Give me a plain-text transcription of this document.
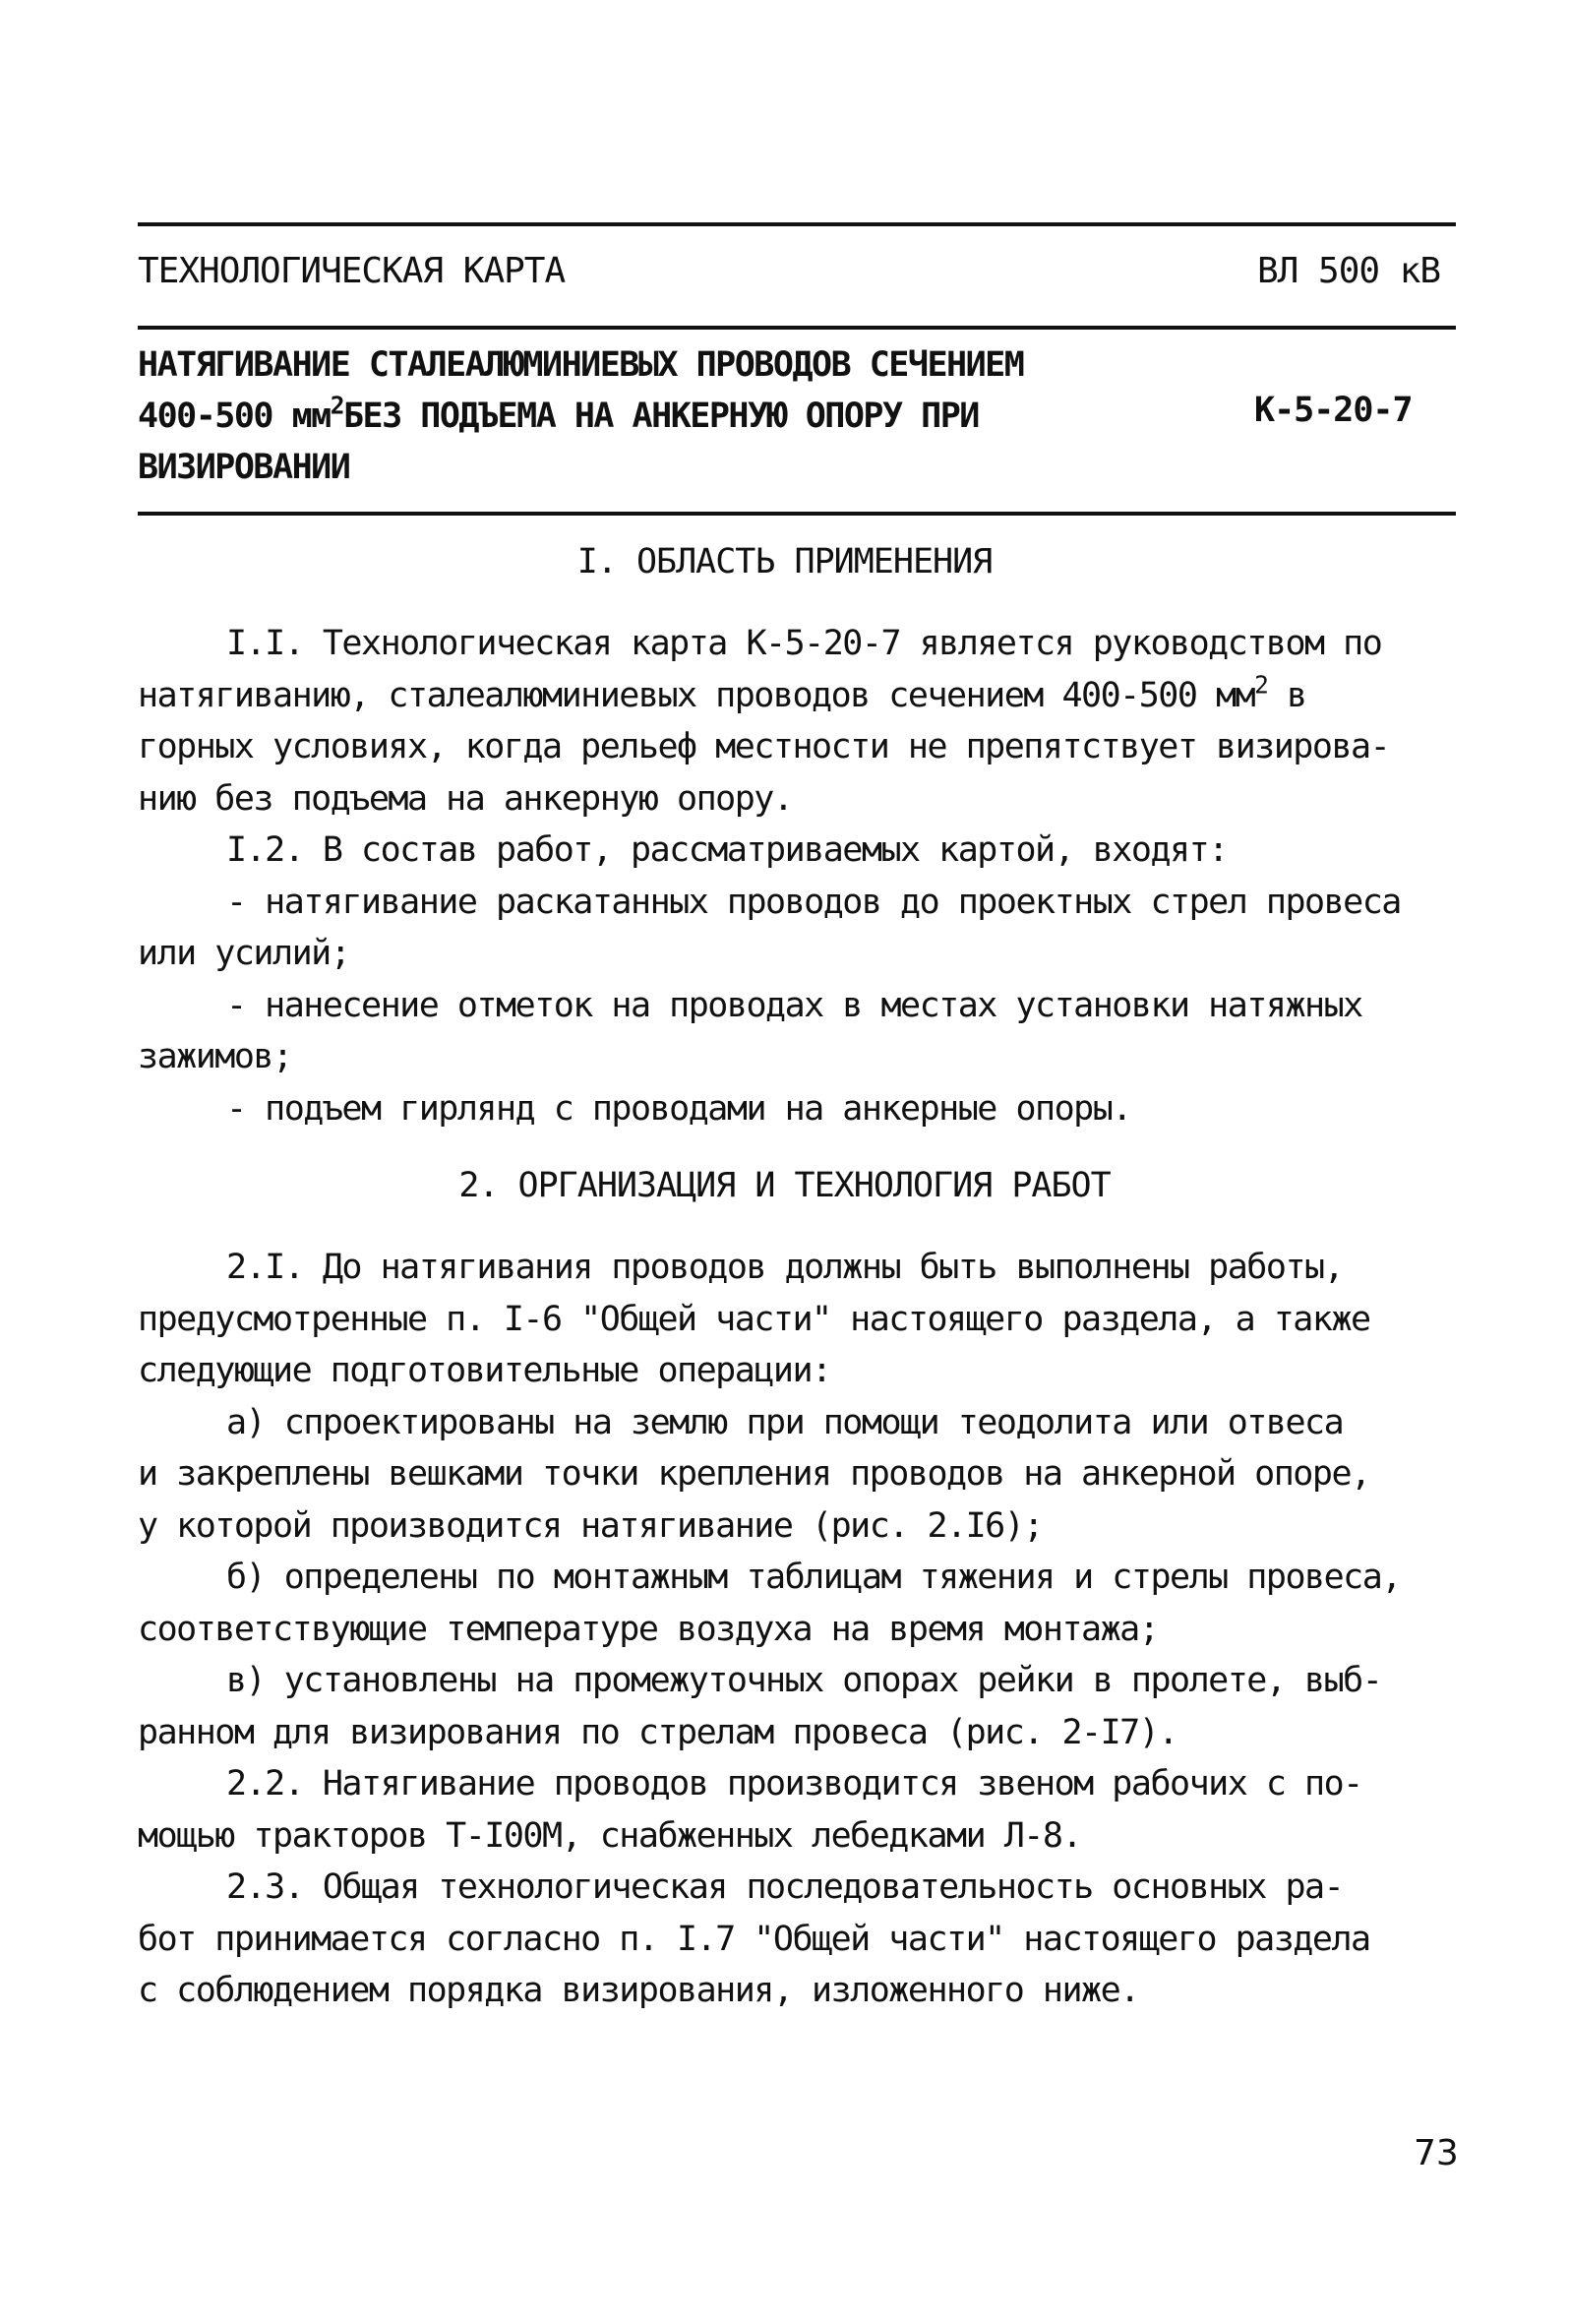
ТЕХНОЛОГИЧЕСКАЯ КАРТА	ВЛ 500 кВ
НАТЯГИВАНИЕ СТАЛЕАЛЮМИНИЕВЫХ ПРОВОДОВ СЕЧЕНИЕМ
400-500 $мм^2БЕЗ$ ПОДЪЕМА НА АНКЕРНУЮ ОПОРУ ПРИ
ВИЗИРОВАНИИ
К-5-20-7
I. ОБЛАСТЬ ПРИМЕНЕНИЯ
I.I. Технологическая карта К-5-20-7 является руководством по
натягиванию, сталеалюминиевых проводов сечением 400-500 $мм^2$ в
горных условиях, когда рельеф местности не препятствует визирова-
нию без подъема на анкерную опору.
I.2. В состав работ, рассматриваемых картой, входят:
- натягивание раскатанных проводов до проектных стрел провеса
или усилий;
- нанесение отметок на проводах в местах установки натяжных
зажимов;
- подъем гирлянд с проводами на анкерные опоры.
2. ОРГАНИЗАЦИЯ И ТЕХНОЛОГИЯ РАБОТ
2.I. До натягивания проводов должны быть выполнены работы,
предусмотренные п. I-6 "Общей части" настоящего раздела, а также
следующие подготовительные операции:
а) спроектированы на землю при помощи теодолита или отвеса
и закреплены вешками точки крепления проводов на анкерной опоре,
у которой производится натягивание (рис. 2.I6);
б) определены по монтажным таблицам тяжения и стрелы провеса,
соответствующие температуре воздуха на время монтажа;
в) установлены на промежуточных опорах рейки в пролете, выб-
ранном для визирования по стрелам провеса (рис. 2-I7).
2.2. Натягивание проводов производится звеном рабочих с по-
мощью тракторов Т-I00М, снабженных лебедками Л-8.
2.3. Общая технологическая последовательность основных ра-
бот принимается согласно п. I.7 "Общей части" настоящего раздела
с соблюдением порядка визирования, изложенного ниже.
73
